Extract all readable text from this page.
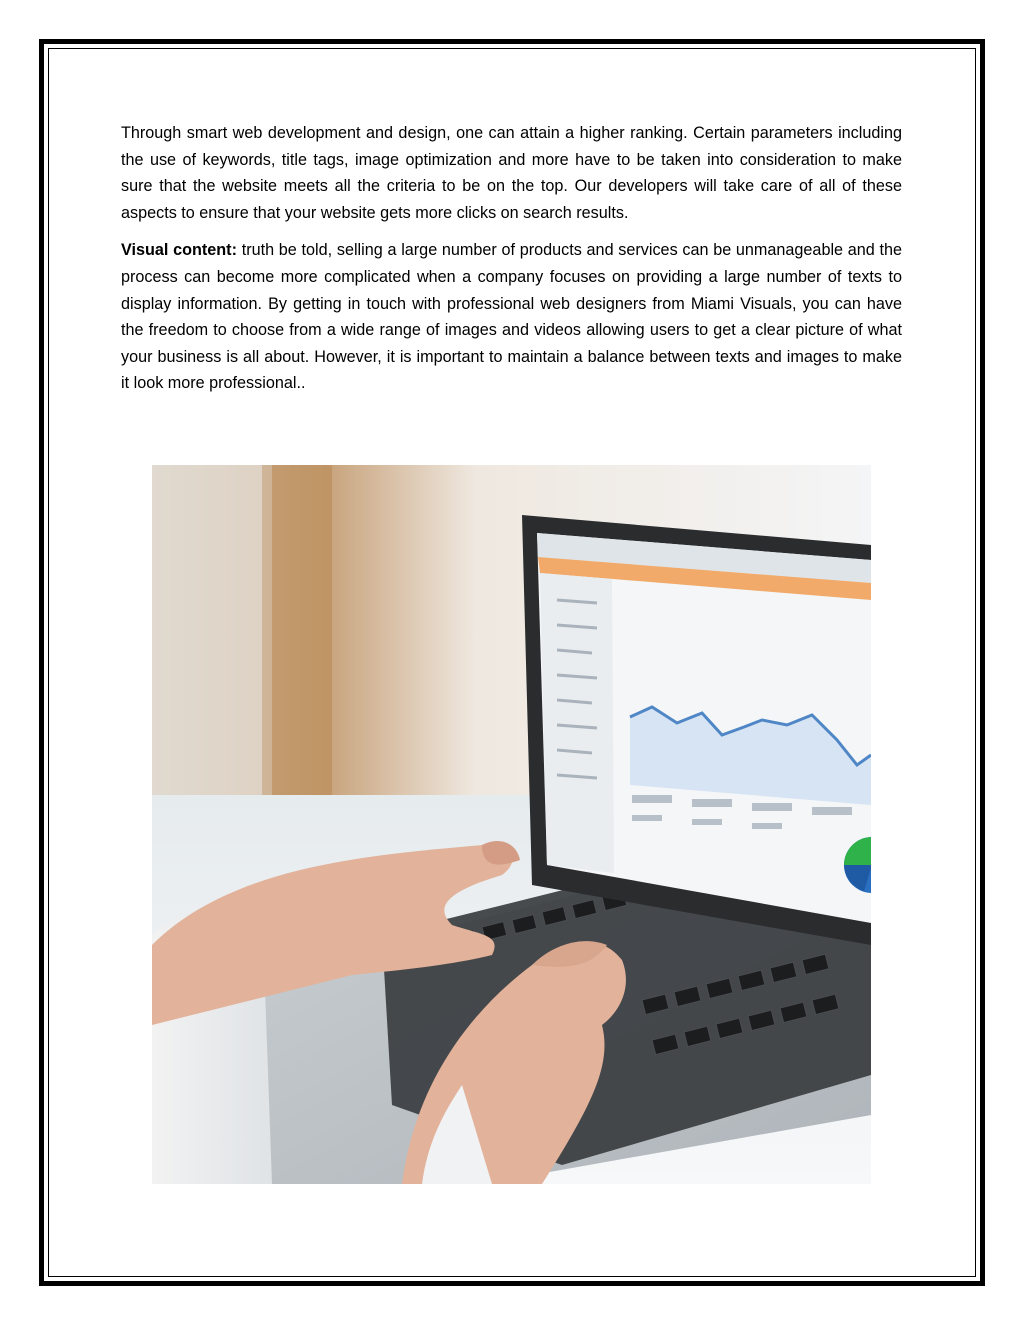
Through smart web development and design, one can attain a higher ranking. Certain parameters including the use of keywords, title tags, image optimization and more have to be taken into consideration to make sure that the website meets all the criteria to be on the top. Our developers will take care of all of these aspects to ensure that your website gets more clicks on search results.

Visual content: truth be told, selling a large number of products and services can be unmanageable and the process can become more complicated when a company focuses on providing a large number of texts to display information. By getting in touch with professional web designers from Miami Visuals, you can have the freedom to choose from a wide range of images and videos allowing users to get a clear picture of what your business is all about. However, it is important to maintain a balance between texts and images to make it look more professional..
